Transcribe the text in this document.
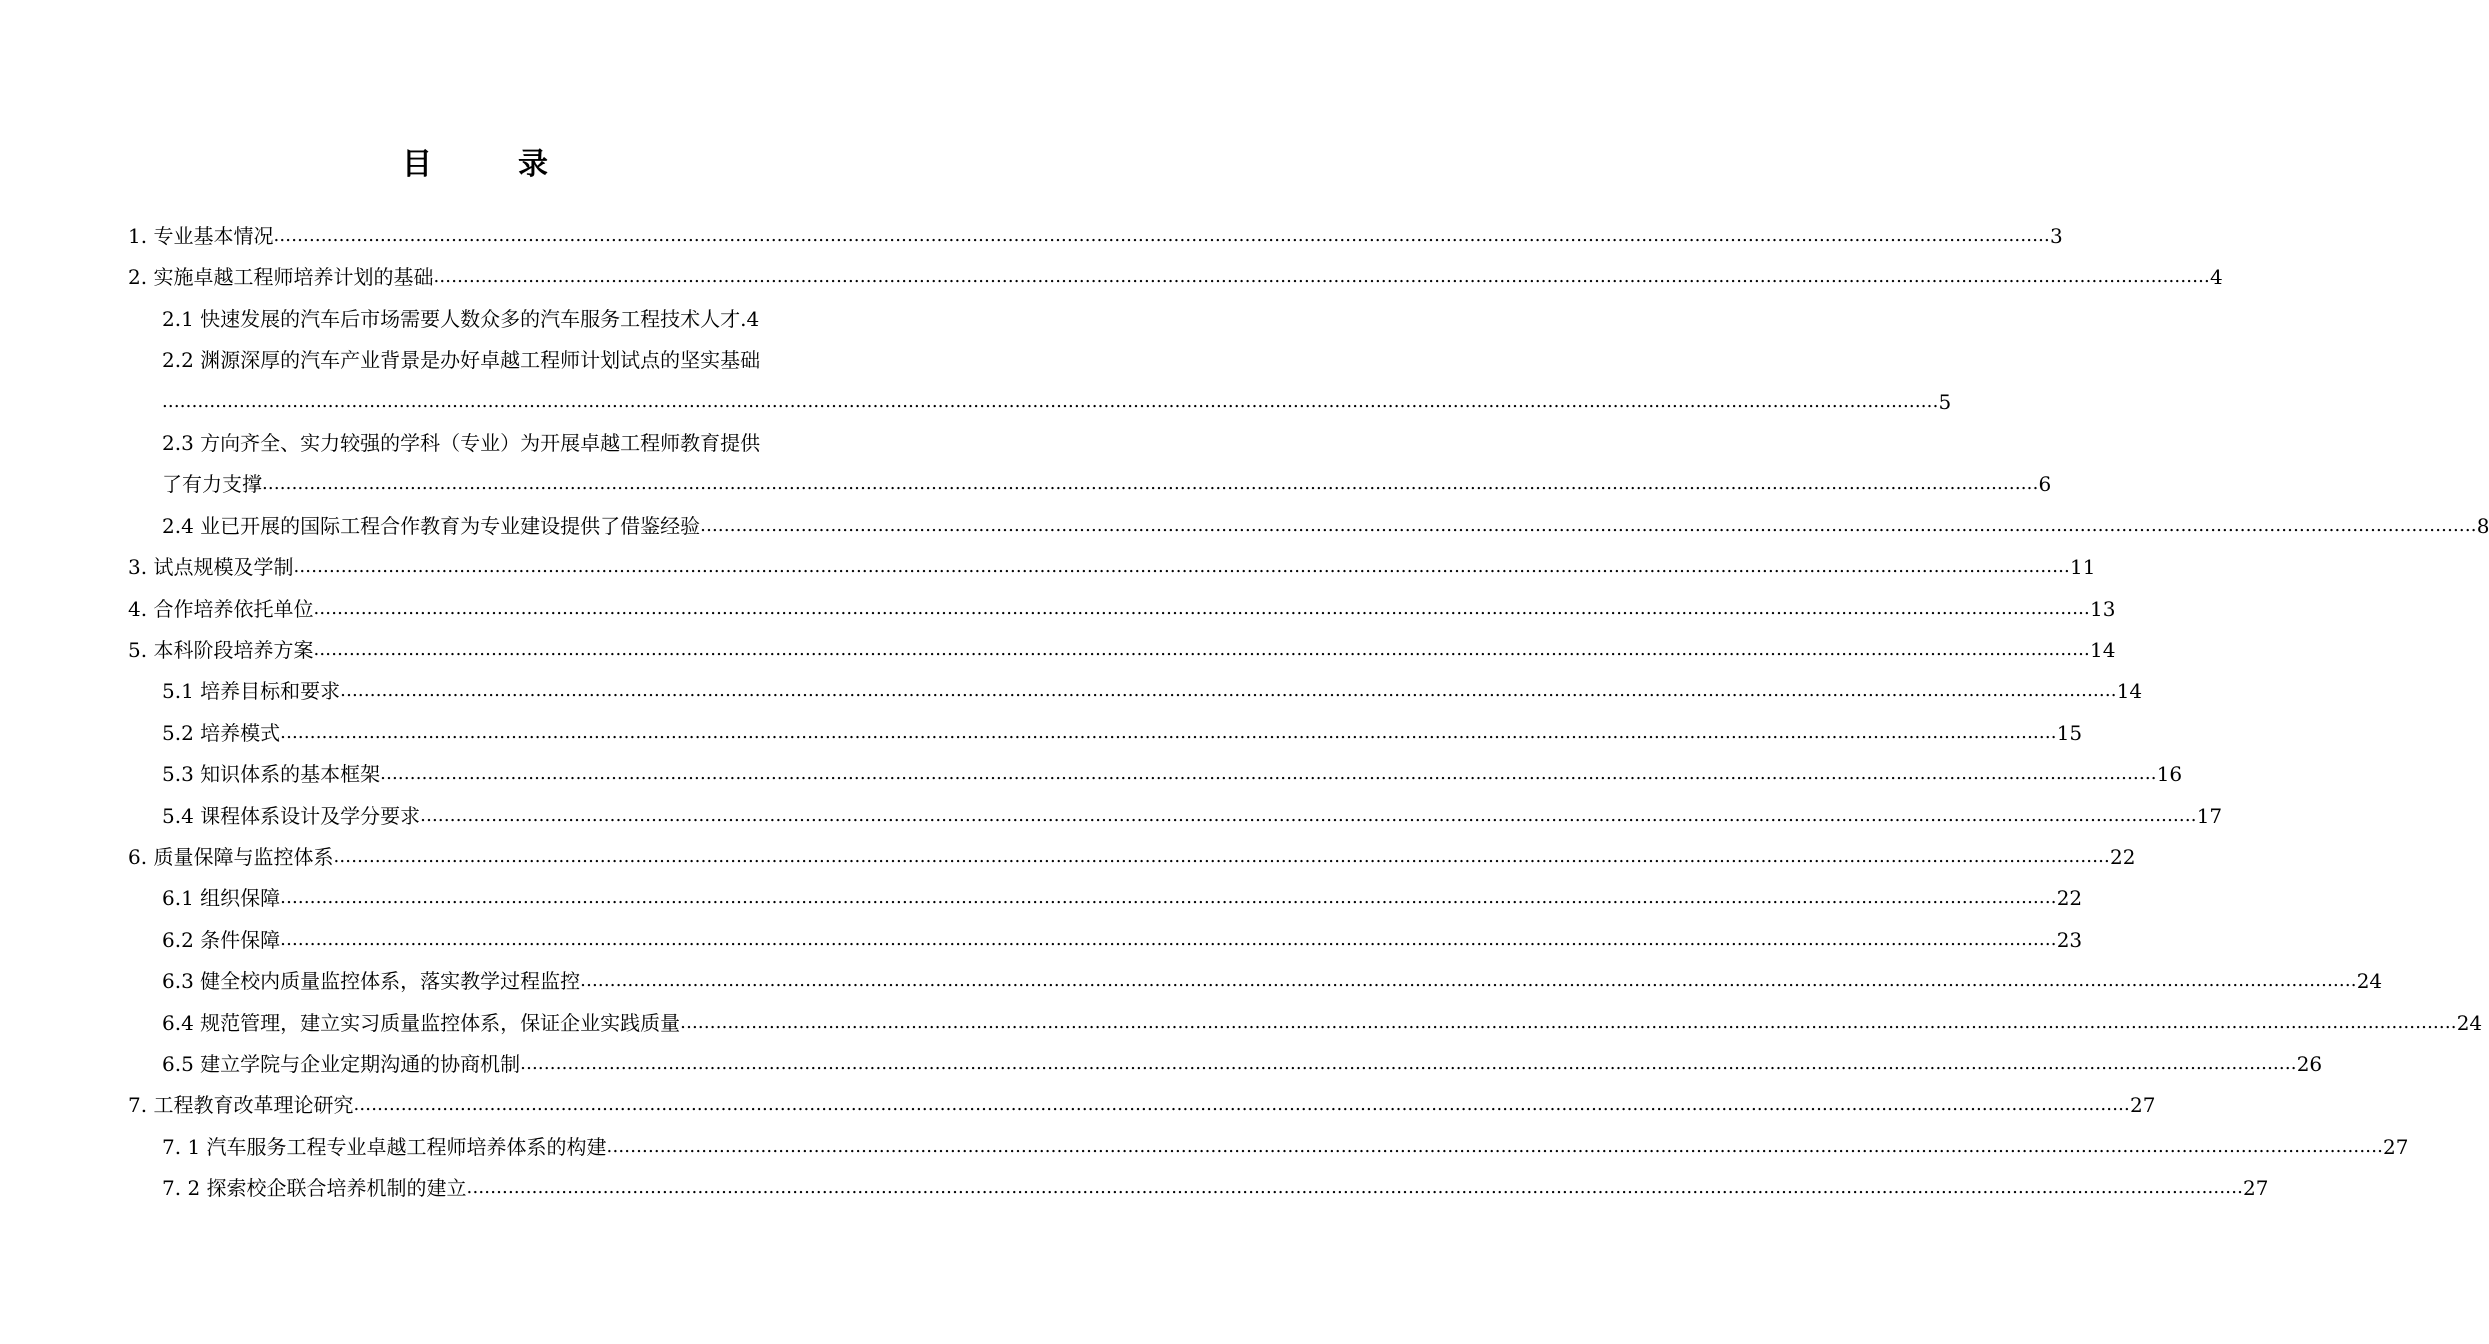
目　录
1. 专业基本情况 ............................................................................................................................................................................................................................................................................................................ 3
2. 实施卓越工程师培养计划的基础 ............................................................................................................................................................................................................................................................................................................ 4
2.1 快速发展的汽车后市场需要人数众多的汽车服务工程技术人才. 4
2.2 渊源深厚的汽车产业背景是办好卓越工程师计划试点的坚实基础
............................................................................................................................................................................................................................................................................................................ 5
2.3 方向齐全、实力较强的学科（专业）为开展卓越工程师教育提供
了有力支撑 ............................................................................................................................................................................................................................................................................................................ 6
2.4 业已开展的国际工程合作教育为专业建设提供了借鉴经验 ............................................................................................................................................................................................................................................................................................................ 8
3. 试点规模及学制 ............................................................................................................................................................................................................................................................................................................ 11
4. 合作培养依托单位 ............................................................................................................................................................................................................................................................................................................ 13
5. 本科阶段培养方案 ............................................................................................................................................................................................................................................................................................................ 14
5.1 培养目标和要求 ............................................................................................................................................................................................................................................................................................................ 14
5.2 培养模式 ............................................................................................................................................................................................................................................................................................................ 15
5.3 知识体系的基本框架 ............................................................................................................................................................................................................................................................................................................ 16
5.4 课程体系设计及学分要求 ............................................................................................................................................................................................................................................................................................................ 17
6. 质量保障与监控体系 ............................................................................................................................................................................................................................................................................................................ 22
6.1 组织保障 ............................................................................................................................................................................................................................................................................................................ 22
6.2 条件保障 ............................................................................................................................................................................................................................................................................................................ 23
6.3 健全校内质量监控体系，落实教学过程监控 ............................................................................................................................................................................................................................................................................................................ 24
6.4 规范管理，建立实习质量监控体系，保证企业实践质量 ............................................................................................................................................................................................................................................................................................................ 24
6.5 建立学院与企业定期沟通的协商机制 ............................................................................................................................................................................................................................................................................................................ 26
7. 工程教育改革理论研究 ............................................................................................................................................................................................................................................................................................................ 27
7. 1 汽车服务工程专业卓越工程师培养体系的构建 ............................................................................................................................................................................................................................................................................................................ 27
7. 2 探索校企联合培养机制的建立 ............................................................................................................................................................................................................................................................................................................ 27
